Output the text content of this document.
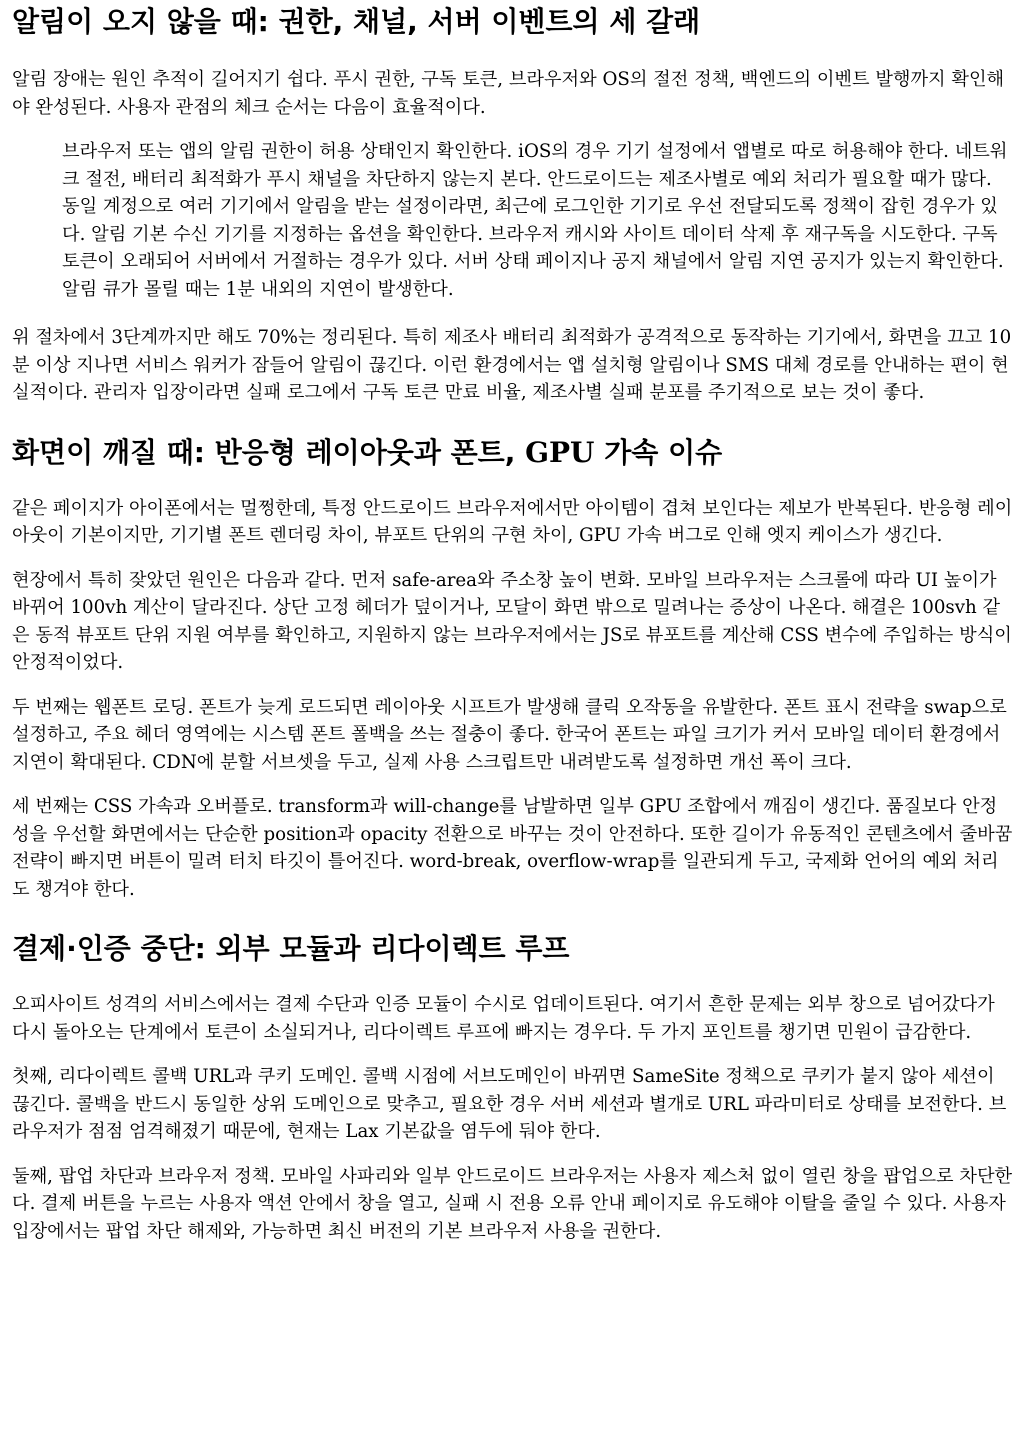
알림이 오지 않을 때: 권한, 채널, 서버 이벤트의 세 갈래

알림 장애는 원인 추적이 길어지기 쉽다. 푸시 권한, 구독 토큰, 브라우저와 OS의 절전 정책, 백엔드의 이벤트 발행까지 확인해야 완성된다. 사용자 관점의 체크 순서는 다음이 효율적이다.

브라우저 또는 앱의 알림 권한이 허용 상태인지 확인한다. iOS의 경우 기기 설정에서 앱별로 따로 허용해야 한다. 네트워크 절전, 배터리 최적화가 푸시 채널을 차단하지 않는지 본다. 안드로이드는 제조사별로 예외 처리가 필요할 때가 많다. 동일 계정으로 여러 기기에서 알림을 받는 설정이라면, 최근에 로그인한 기기로 우선 전달되도록 정책이 잡힌 경우가 있다. 알림 기본 수신 기기를 지정하는 옵션을 확인한다. 브라우저 캐시와 사이트 데이터 삭제 후 재구독을 시도한다. 구독 토큰이 오래되어 서버에서 거절하는 경우가 있다. 서버 상태 페이지나 공지 채널에서 알림 지연 공지가 있는지 확인한다. 알림 큐가 몰릴 때는 1분 내외의 지연이 발생한다.

위 절차에서 3단계까지만 해도 70%는 정리된다. 특히 제조사 배터리 최적화가 공격적으로 동작하는 기기에서, 화면을 끄고 10분 이상 지나면 서비스 워커가 잠들어 알림이 끊긴다. 이런 환경에서는 앱 설치형 알림이나 SMS 대체 경로를 안내하는 편이 현실적이다. 관리자 입장이라면 실패 로그에서 구독 토큰 만료 비율, 제조사별 실패 분포를 주기적으로 보는 것이 좋다.

화면이 깨질 때: 반응형 레이아웃과 폰트, GPU 가속 이슈

같은 페이지가 아이폰에서는 멀쩡한데, 특정 안드로이드 브라우저에서만 아이템이 겹쳐 보인다는 제보가 반복된다. 반응형 레이아웃이 기본이지만, 기기별 폰트 렌더링 차이, 뷰포트 단위의 구현 차이, GPU 가속 버그로 인해 엣지 케이스가 생긴다.

현장에서 특히 잦았던 원인은 다음과 같다. 먼저 safe-area와 주소창 높이 변화. 모바일 브라우저는 스크롤에 따라 UI 높이가 바뀌어 100vh 계산이 달라진다. 상단 고정 헤더가 덮이거나, 모달이 화면 밖으로 밀려나는 증상이 나온다. 해결은 100svh 같은 동적 뷰포트 단위 지원 여부를 확인하고, 지원하지 않는 브라우저에서는 JS로 뷰포트를 계산해 CSS 변수에 주입하는 방식이 안정적이었다.

두 번째는 웹폰트 로딩. 폰트가 늦게 로드되면 레이아웃 시프트가 발생해 클릭 오작동을 유발한다. 폰트 표시 전략을 swap으로 설정하고, 주요 헤더 영역에는 시스템 폰트 폴백을 쓰는 절충이 좋다. 한국어 폰트는 파일 크기가 커서 모바일 데이터 환경에서 지연이 확대된다. CDN에 분할 서브셋을 두고, 실제 사용 스크립트만 내려받도록 설정하면 개선 폭이 크다.

세 번째는 CSS 가속과 오버플로. transform과 will-change를 남발하면 일부 GPU 조합에서 깨짐이 생긴다. 품질보다 안정성을 우선할 화면에서는 단순한 position과 opacity 전환으로 바꾸는 것이 안전하다. 또한 길이가 유동적인 콘텐츠에서 줄바꿈 전략이 빠지면 버튼이 밀려 터치 타깃이 틀어진다. word-break, overflow-wrap를 일관되게 두고, 국제화 언어의 예외 처리도 챙겨야 한다.

결제·인증 중단: 외부 모듈과 리다이렉트 루프

오피사이트 성격의 서비스에서는 결제 수단과 인증 모듈이 수시로 업데이트된다. 여기서 흔한 문제는 외부 창으로 넘어갔다가 다시 돌아오는 단계에서 토큰이 소실되거나, 리다이렉트 루프에 빠지는 경우다. 두 가지 포인트를 챙기면 민원이 급감한다.

첫째, 리다이렉트 콜백 URL과 쿠키 도메인. 콜백 시점에 서브도메인이 바뀌면 SameSite 정책으로 쿠키가 붙지 않아 세션이 끊긴다. 콜백을 반드시 동일한 상위 도메인으로 맞추고, 필요한 경우 서버 세션과 별개로 URL 파라미터로 상태를 보전한다. 브라우저가 점점 엄격해졌기 때문에, 현재는 Lax 기본값을 염두에 둬야 한다.

둘째, 팝업 차단과 브라우저 정책. 모바일 사파리와 일부 안드로이드 브라우저는 사용자 제스처 없이 열린 창을 팝업으로 차단한다. 결제 버튼을 누르는 사용자 액션 안에서 창을 열고, 실패 시 전용 오류 안내 페이지로 유도해야 이탈을 줄일 수 있다. 사용자 입장에서는 팝업 차단 해제와, 가능하면 최신 버전의 기본 브라우저 사용을 권한다.
